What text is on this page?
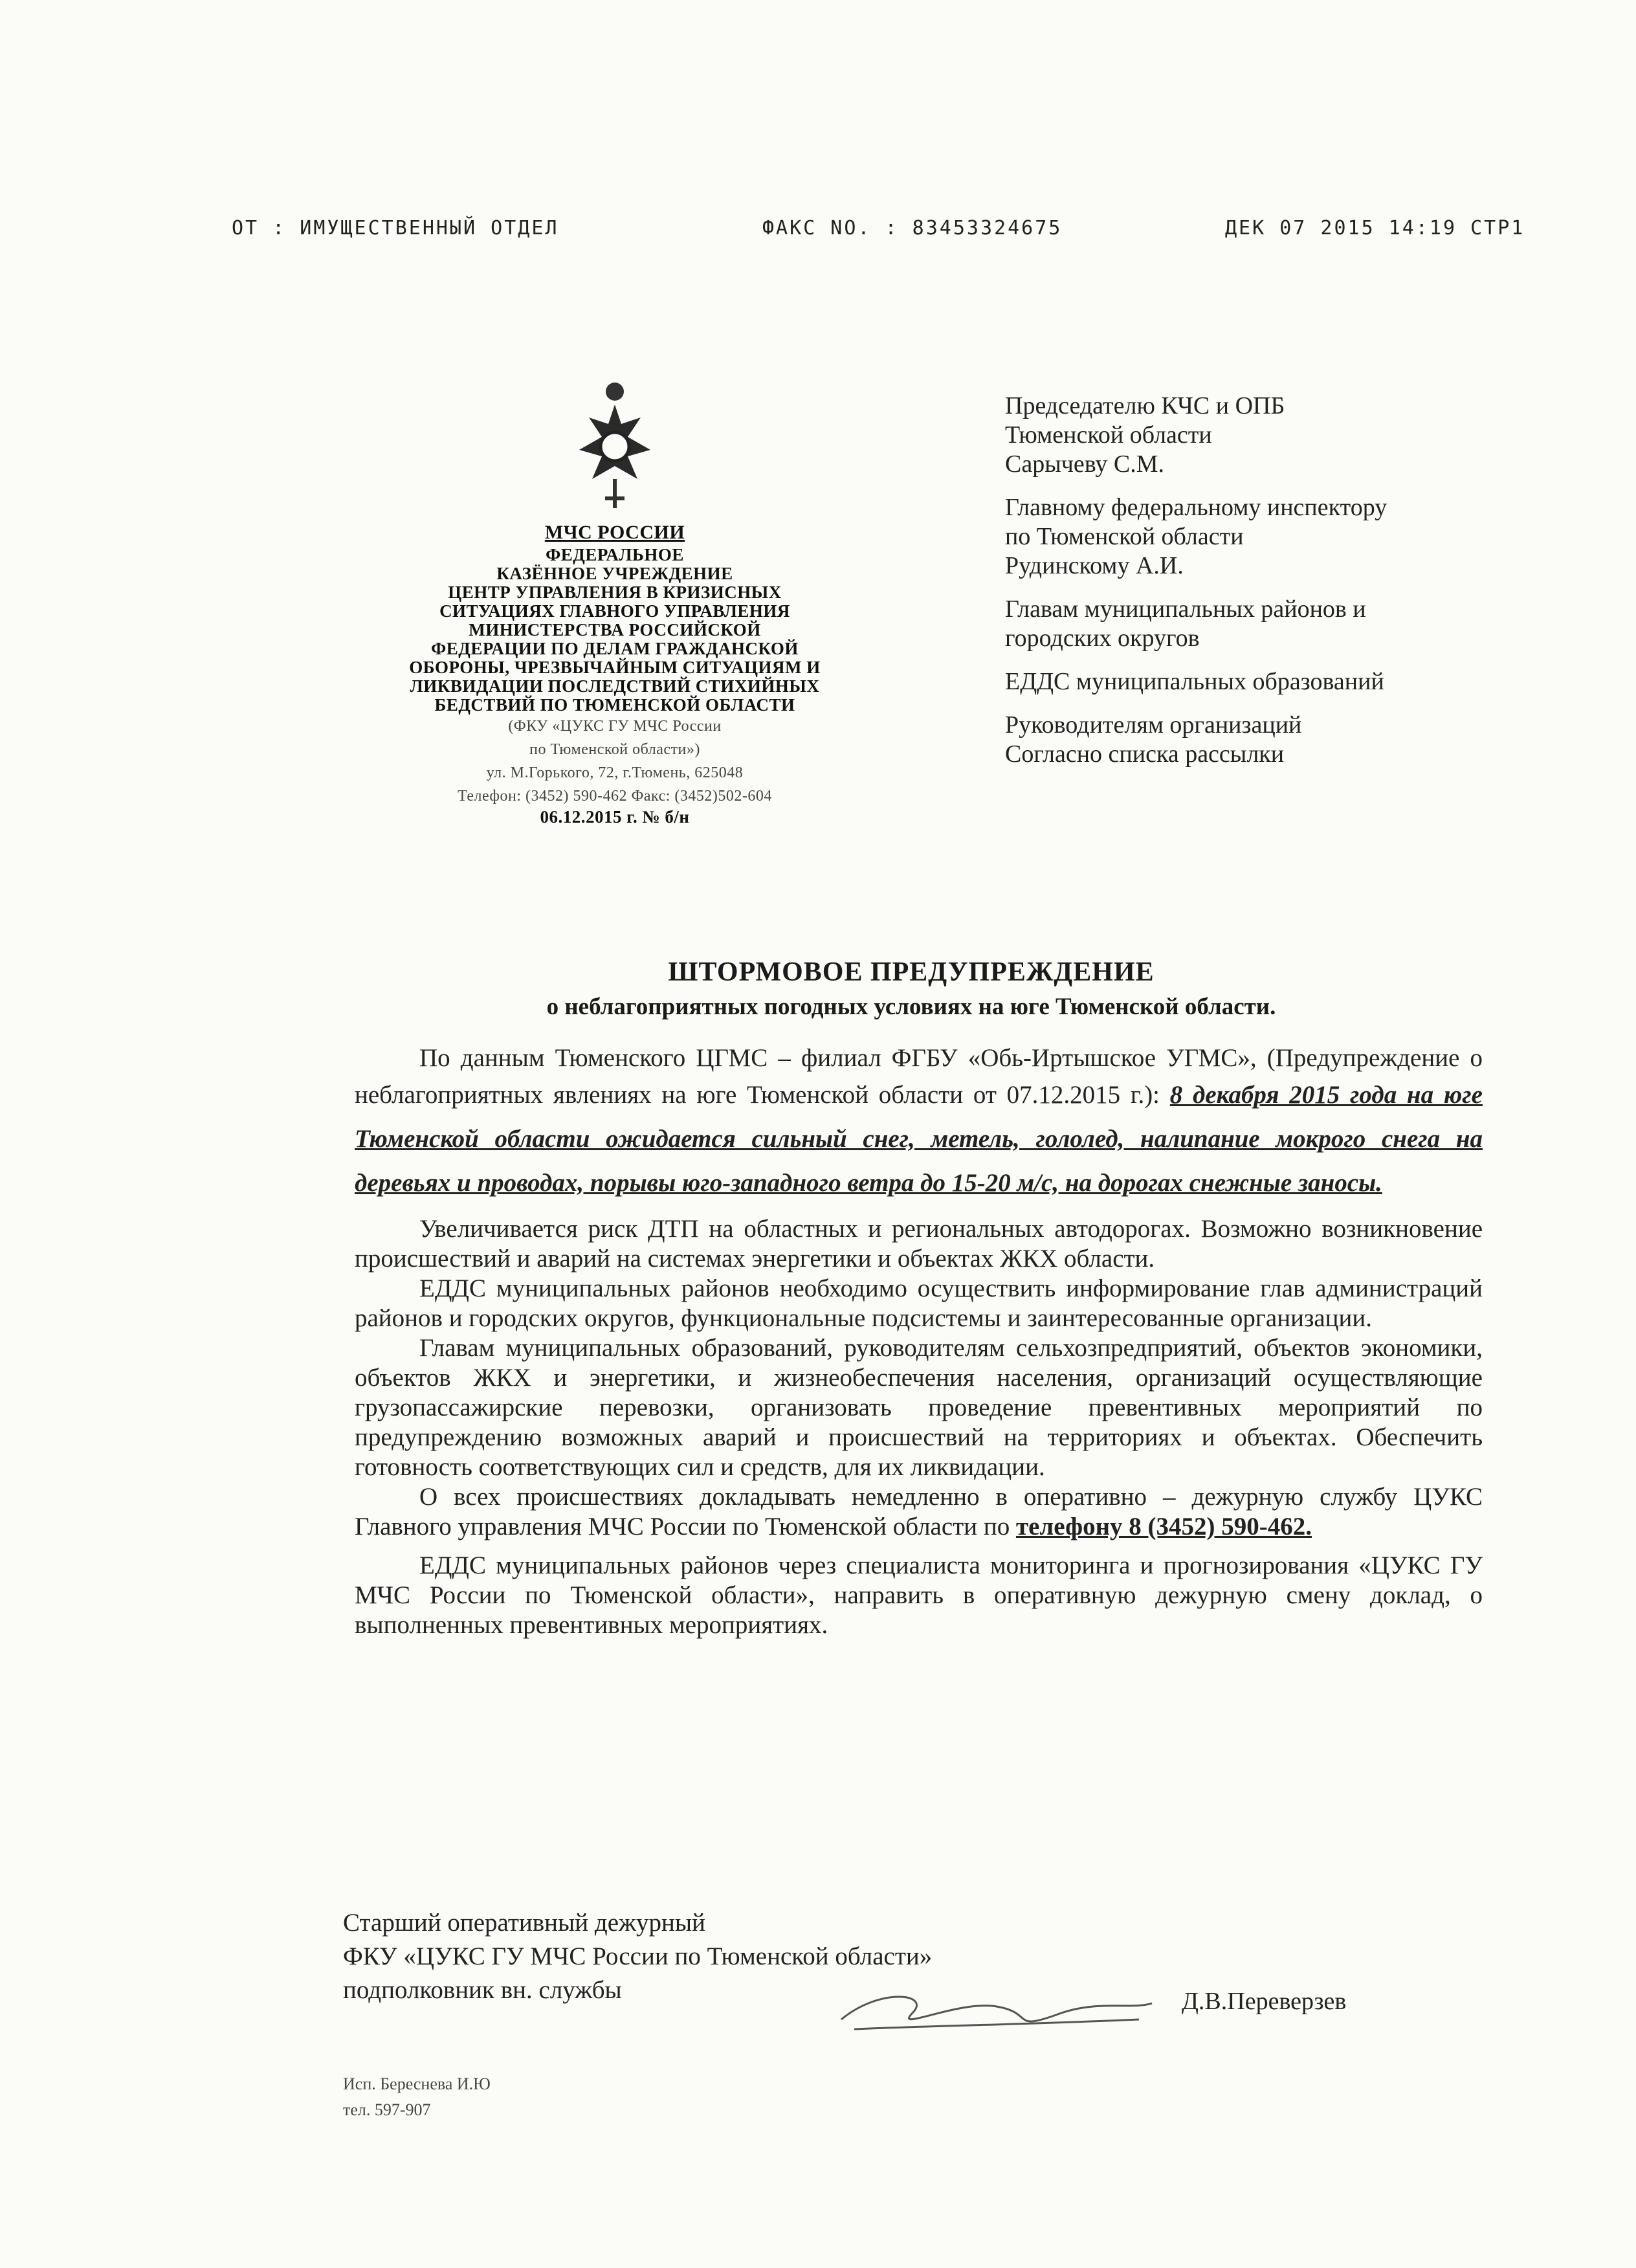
ОТ : ИМУЩЕСТВЕННЫЙ ОТДЕЛ	ФАКС NO. : 83453324675	ДЕК 07 2015 14:19 СТР1
МЧС РОССИИ
ФЕДЕРАЛЬНОЕ
КАЗЁННОЕ УЧРЕЖДЕНИЕ
ЦЕНТР УПРАВЛЕНИЯ В КРИЗИСНЫХ
СИТУАЦИЯХ ГЛАВНОГО УПРАВЛЕНИЯ
МИНИСТЕРСТВА РОССИЙСКОЙ
ФЕДЕРАЦИИ ПО ДЕЛАМ ГРАЖДАНСКОЙ
ОБОРОНЫ, ЧРЕЗВЫЧАЙНЫМ СИТУАЦИЯМ И
ЛИКВИДАЦИИ ПОСЛЕДСТВИЙ СТИХИЙНЫХ
БЕДСТВИЙ ПО ТЮМЕНСКОЙ ОБЛАСТИ
(ФКУ «ЦУКС ГУ МЧС России
по Тюменской области»)
ул. М.Горького, 72, г.Тюмень, 625048
Телефон: (3452) 590-462 Факс: (3452)502-604
06.12.2015 г. № б/н
Председателю КЧС и ОПБ
Тюменской области
Сарычеву С.М.
Главному федеральному инспектору
по Тюменской области
Рудинскому А.И.
Главам муниципальных районов и
городских округов
ЕДДС муниципальных образований
Руководителям организаций
Согласно списка рассылки
ШТОРМОВОЕ ПРЕДУПРЕЖДЕНИЕ
о неблагоприятных погодных условиях на юге Тюменской области.

По данным Тюменского ЦГМС – филиал ФГБУ «Обь-Иртышское УГМС», (Предупреждение о неблагоприятных явлениях на юге Тюменской области от 07.12.2015 г.): 8 декабря 2015 года на юге Тюменской области ожидается сильный снег, метель, гололед, налипание мокрого снега на деревьях и проводах, порывы юго-западного ветра до 15-20 м/с, на дорогах снежные заносы.

Увеличивается риск ДТП на областных и региональных автодорогах. Возможно возникновение происшествий и аварий на системах энергетики и объектах ЖКХ области.

ЕДДС муниципальных районов необходимо осуществить информирование глав администраций районов и городских округов, функциональные подсистемы и заинтересованные организации.

Главам муниципальных образований, руководителям сельхозпредприятий, объектов экономики, объектов ЖКХ и энергетики, и жизнеобеспечения населения, организаций осуществляющие грузопассажирские перевозки, организовать проведение превентивных мероприятий по предупреждению возможных аварий и происшествий на территориях и объектах. Обеспечить готовность соответствующих сил и средств, для их ликвидации.

О всех происшествиях докладывать немедленно в оперативно – дежурную службу ЦУКС Главного управления МЧС России по Тюменской области по телефону 8 (3452) 590-462.

ЕДДС муниципальных районов через специалиста мониторинга и прогнозирования «ЦУКС ГУ МЧС России по Тюменской области», направить в оперативную дежурную смену доклад, о выполненных превентивных мероприятиях.

Старший оперативный дежурный
ФКУ «ЦУКС ГУ МЧС России по Тюменской области»
подполковник вн. службы	Д.В.Переверзев
Исп. Береснева И.Ю
тел. 597-907
